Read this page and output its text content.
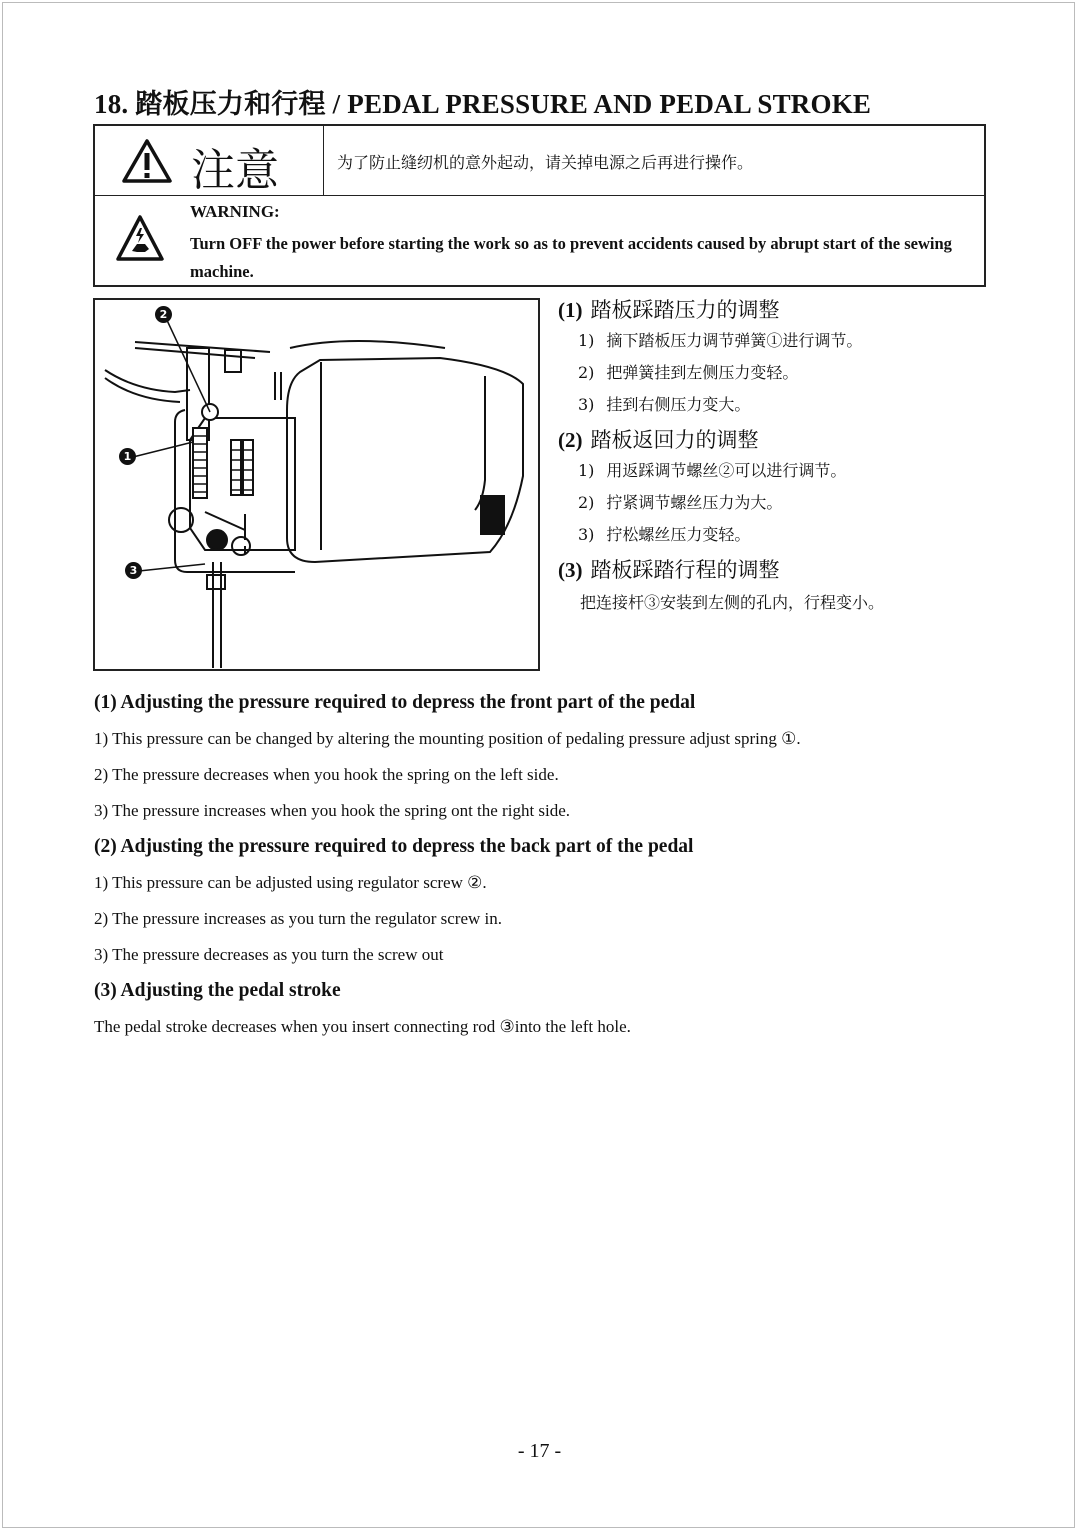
18. 踏板压力和行程 / PEDAL PRESSURE AND PEDAL STROKE
注意	为了防止缝纫机的意外起动，请关掉电源之后再进行操作。
WARNING:
Turn OFF the power before starting the work so as to prevent accidents caused by abrupt start of the sewing machine.
2
1
3
(1) 踏板踩踏压力的调整
1) 摘下踏板压力调节弹簧①进行调节。
2) 把弹簧挂到左侧压力变轻。
3) 挂到右侧压力变大。
(2) 踏板返回力的调整
1) 用返踩调节螺丝②可以进行调节。
2) 拧紧调节螺丝压力为大。
3) 拧松螺丝压力变轻。
(3) 踏板踩踏行程的调整
把连接杆③安装到左侧的孔内，行程变小。
(1) Adjusting the pressure required to depress the front part of the pedal
1) This pressure can be changed by altering the mounting position of pedaling pressure adjust spring ①.
2) The pressure decreases when you hook the spring on the left side.
3) The pressure increases when you hook the spring ont the right side.
(2) Adjusting the pressure required to depress the back part of the pedal
1) This pressure can be adjusted using regulator screw ②.
2) The pressure increases as you turn the regulator screw in.
3) The pressure decreases as you turn the screw out
(3) Adjusting the pedal stroke
The pedal stroke decreases when you insert connecting rod ③into the left hole.
- 17 -
